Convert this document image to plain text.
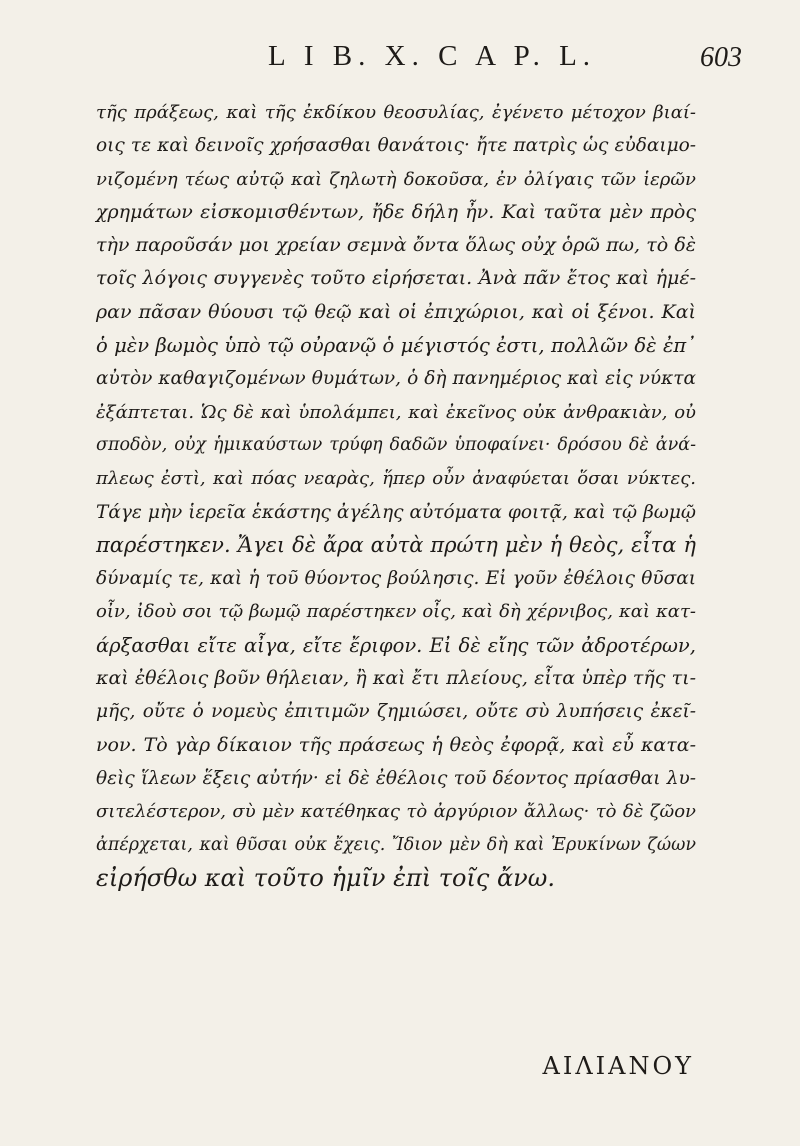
L I B. X. C A P. L.	603
τῆς πράξεως, καὶ τῆς ἐκδίκου θεοσυλίας, ἐγένετο μέτοχον βιαί-
οις τε καὶ δεινοῖς χρήσασθαι θανάτοις· ἤτε πατρὶς ὡς εὐδαιμο-
νιζομένη τέως αὐτῷ καὶ ζηλωτὴ δοκοῦσα, ἐν ὀλίγαις τῶν ἱερῶν
χρημάτων εἰσκομισθέντων, ἤδε δήλη ἦν. Καὶ ταῦτα μὲν πρὸς
τὴν παροῦσάν μοι χρείαν σεμνὰ ὄντα ὅλως οὐχ ὁρῶ πω, τὸ δὲ
τοῖς λόγοις συγγενὲς τοῦτο εἰρήσεται. Ἀνὰ πᾶν ἔτος καὶ ἡμέ-
ραν πᾶσαν θύουσι τῷ θεῷ καὶ οἱ ἐπιχώριοι, καὶ οἱ ξένοι. Καὶ
ὁ μὲν βωμὸς ὑπὸ τῷ οὐρανῷ ὁ μέγιστός ἐστι, πολλῶν δὲ ἐπ᾽
αὐτὸν καθαγιζομένων θυμάτων, ὁ δὴ πανημέριος καὶ εἰς νύκτα
ἐξάπτεται. Ὡς δὲ καὶ ὑπολάμπει, καὶ ἐκεῖνος οὐκ ἀνθρακιὰν, οὐ
σποδὸν, οὐχ ἡμικαύστων τρύφη δαδῶν ὑποφαίνει· δρόσου δὲ ἀνά-
πλεως ἐστὶ, καὶ πόας νεαρὰς, ἥπερ οὖν ἀναφύεται ὅσαι νύκτες.
Τάγε μὴν ἱερεῖα ἑκάστης ἀγέλης αὐτόματα φοιτᾷ, καὶ τῷ βωμῷ
παρέστηκεν. Ἄγει δὲ ἄρα αὐτὰ πρώτη μὲν ἡ θεὸς, εἶτα ἡ
δύναμίς τε, καὶ ἡ τοῦ θύοντος βούλησις. Εἰ γοῦν ἐθέλοις θῦσαι
οἶν, ἰδοὺ σοι τῷ βωμῷ παρέστηκεν οἶς, καὶ δὴ χέρνιβος, καὶ κατ-
άρξασθαι εἴτε αἶγα, εἴτε ἔριφον. Εἰ δὲ εἴης τῶν ἀδροτέρων,
καὶ ἐθέλοις βοῦν θήλειαν, ἢ καὶ ἔτι πλείους, εἶτα ὑπὲρ τῆς τι-
μῆς, οὔτε ὁ νομεὺς ἐπιτιμῶν ζημιώσει, οὔτε σὺ λυπήσεις ἐκεῖ-
νον. Τὸ γὰρ δίκαιον τῆς πράσεως ἡ θεὸς ἐφορᾷ, καὶ εὖ κατα-
θεὶς ἵλεων ἕξεις αὐτήν· εἰ δὲ ἐθέλοις τοῦ δέοντος πρίασθαι λυ-
σιτελέστερον, σὺ μὲν κατέθηκας τὸ ἀργύριον ἄλλως· τὸ δὲ ζῶον
ἀπέρχεται, καὶ θῦσαι οὐκ ἔχεις. Ἴδιον μὲν δὴ καὶ Ἐρυκίνων ζώων
εἰρήσθω καὶ τοῦτο ἡμῖν ἐπὶ τοῖς ἄνω.
ΑΙΛΙΑΝΟΥ
